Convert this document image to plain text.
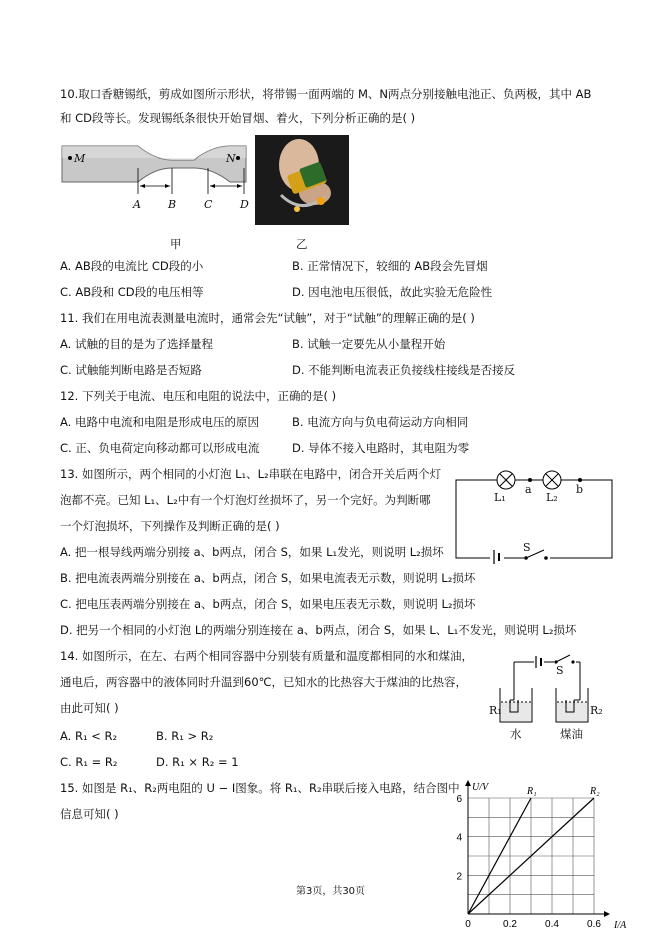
10.取口香糖锡纸，剪成如图所示形状，将带锡一面两端的 M、N两点分别接触电池正、负两极，其中 AB
和 CD段等长。发现锡纸条很快开始冒烟、着火，下列分析正确的是( )
M	N
A B	C	D
甲	乙
A. AB段的电流比 CD段的小	B. 正常情况下，较细的 AB段会先冒烟
C. AB段和 CD段的电压相等	D. 因电池电压很低，故此实验无危险性
11. 我们在用电流表测量电流时，通常会先“试触”，对于“试触”的理解正确的是( )
A. 试触的目的是为了选择量程	B. 试触一定要先从小量程开始
C. 试触能判断电路是否短路	D. 不能判断电流表正负接线柱接线是否接反
12. 下列关于电流、电压和电阻的说法中，正确的是( )
A. 电路中电流和电阻是形成电压的原因	B. 电流方向与负电荷运动方向相同
C. 正、负电荷定向移动都可以形成电流	D. 导体不接入电路时，其电阻为零
13. 如图所示，两个相同的小灯泡 L₁、L₂串联在电路中，闭合开关后两个灯
泡都不亮。已知 L₁、L₂中有一个灯泡灯丝损坏了，另一个完好。为判断哪
一个灯泡损坏，下列操作及判断正确的是( )
L₁	L₂
a	b
S
A. 把一根导线两端分别接 a、b两点，闭合 S，如果 L₁发光，则说明 L₂损坏
B. 把电流表两端分别接在 a、b两点，闭合 S，如果电流表无示数，则说明 L₂损坏
C. 把电压表两端分别接在 a、b两点，闭合 S，如果电压表无示数，则说明 L₂损坏
D. 把另一个相同的小灯泡 L的两端分别连接在 a、b两点，闭合 S，如果 L、L₁不发光，则说明 L₂损坏
14. 如图所示，在左、右两个相同容器中分别装有质量和温度都相同的水和煤油，
通电后，两容器中的液体同时升温到60℃，已知水的比热容大于煤油的比热容，
由此可知( )	R₁	R₂
S
水	煤油
A. R₁ < R₂	B. R₁ > R₂
C. R₁ = R₂	D. R₁ × R₂ = 1
15. 如图是 R₁、R₂两电阻的 U − I图象。将 R₁、R₂串联后接入电路，结合图中
信息可知( )
0	0.2	0.4	0.6
2
4
6
I/A
U/V	R₁	R₂
第3页，共30页
